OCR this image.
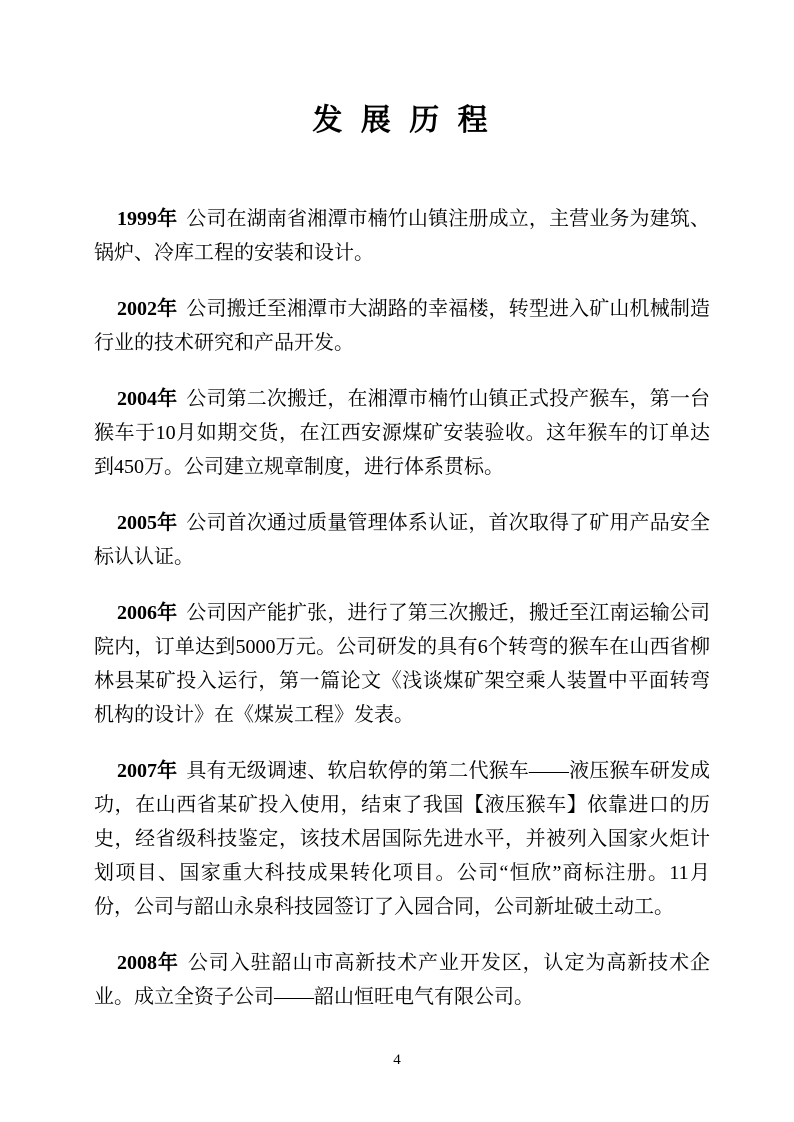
发 展 历 程

1999年 公司在湖南省湘潭市楠竹山镇注册成立，主营业务为建筑、锅炉、冷库工程的安装和设计。

2002年 公司搬迁至湘潭市大湖路的幸福楼，转型进入矿山机械制造行业的技术研究和产品开发。

2004年 公司第二次搬迁，在湘潭市楠竹山镇正式投产猴车，第一台猴车于10月如期交货，在江西安源煤矿安装验收。这年猴车的订单达到450万。公司建立规章制度，进行体系贯标。

2005年 公司首次通过质量管理体系认证，首次取得了矿用产品安全标认认证。

2006年 公司因产能扩张，进行了第三次搬迁，搬迁至江南运输公司院内，订单达到5000万元。公司研发的具有6个转弯的猴车在山西省柳林县某矿投入运行，第一篇论文《浅谈煤矿架空乘人装置中平面转弯机构的设计》在《煤炭工程》发表。

2007年 具有无级调速、软启软停的第二代猴车——液压猴车研发成功，在山西省某矿投入使用，结束了我国【液压猴车】依靠进口的历史，经省级科技鉴定，该技术居国际先进水平，并被列入国家火炬计划项目、国家重大科技成果转化项目。公司“恒欣”商标注册。11月份，公司与韶山永泉科技园签订了入园合同，公司新址破土动工。

2008年 公司入驻韶山市高新技术产业开发区，认定为高新技术企业。成立全资子公司——韶山恒旺电气有限公司。

4
